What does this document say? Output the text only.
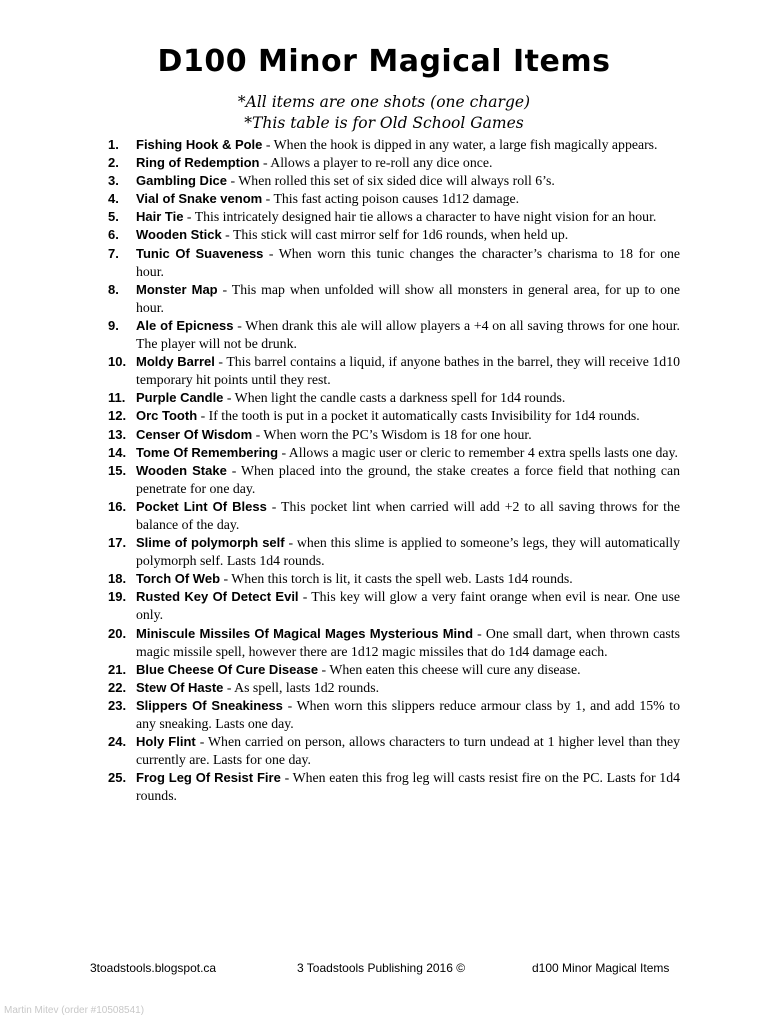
D100 Minor Magical Items
*All items are one shots (one charge)
*This table is for Old School Games
1.	Fishing Hook & Pole - When the hook is dipped in any water, a large fish magically appears.
2.	Ring of Redemption - Allows a player to re-roll any dice once.
3.	Gambling Dice - When rolled this set of six sided dice will always roll 6’s.
4.	Vial of Snake venom - This fast acting poison causes 1d12 damage.
5.	Hair Tie - This intricately designed hair tie allows a character to have night vision for an hour.
6.	Wooden Stick - This stick will cast mirror self for 1d6 rounds, when held up.
7.	Tunic Of Suaveness - When worn this tunic changes the character’s charisma to 18 for one hour.
8.	Monster Map - This map when unfolded will show all monsters in general area, for up to one hour.
9.	Ale of Epicness - When drank this ale will allow players a +4 on all saving throws for one hour. The player will not be drunk.
10. Moldy Barrel - This barrel contains a liquid, if anyone bathes in the barrel, they will receive 1d10 temporary hit points until they rest.
11. Purple Candle - When light the candle casts a darkness spell for 1d4 rounds.
12. Orc Tooth - If the tooth is put in a pocket it automatically casts Invisibility for 1d4 rounds.
13. Censer Of Wisdom - When worn the PC’s Wisdom is 18 for one hour.
14. Tome Of Remembering - Allows a magic user or cleric to remember 4 extra spells lasts one day.
15. Wooden Stake - When placed into the ground, the stake creates a force field that nothing can penetrate for one day.
16. Pocket Lint Of Bless - This pocket lint when carried will add +2 to all saving throws for the balance of the day.
17. Slime of polymorph self - when this slime is applied to someone’s legs, they will automatically polymorph self. Lasts 1d4 rounds.
18. Torch Of Web - When this torch is lit, it casts the spell web. Lasts 1d4 rounds.
19. Rusted Key Of Detect Evil - This key will glow a very faint orange when evil is near. One use only.
20. Miniscule Missiles Of Magical Mages Mysterious Mind - One small dart, when thrown casts magic missile spell, however there are 1d12 magic missiles that do 1d4 damage each.
21. Blue Cheese Of Cure Disease - When eaten this cheese will cure any disease.
22. Stew Of Haste - As spell, lasts 1d2 rounds.
23. Slippers Of Sneakiness - When worn this slippers reduce armour class by 1, and add 15% to any sneaking. Lasts one day.
24. Holy Flint - When carried on person, allows characters to turn undead at 1 higher level than they currently are. Lasts for one day.
25. Frog Leg Of Resist Fire - When eaten this frog leg will casts resist fire on the PC. Lasts for 1d4 rounds.
3toadstools.blogspot.ca	3 Toadstools Publishing 2016 ©	d100 Minor Magical Items
Martin Mitev (order #10508541)
